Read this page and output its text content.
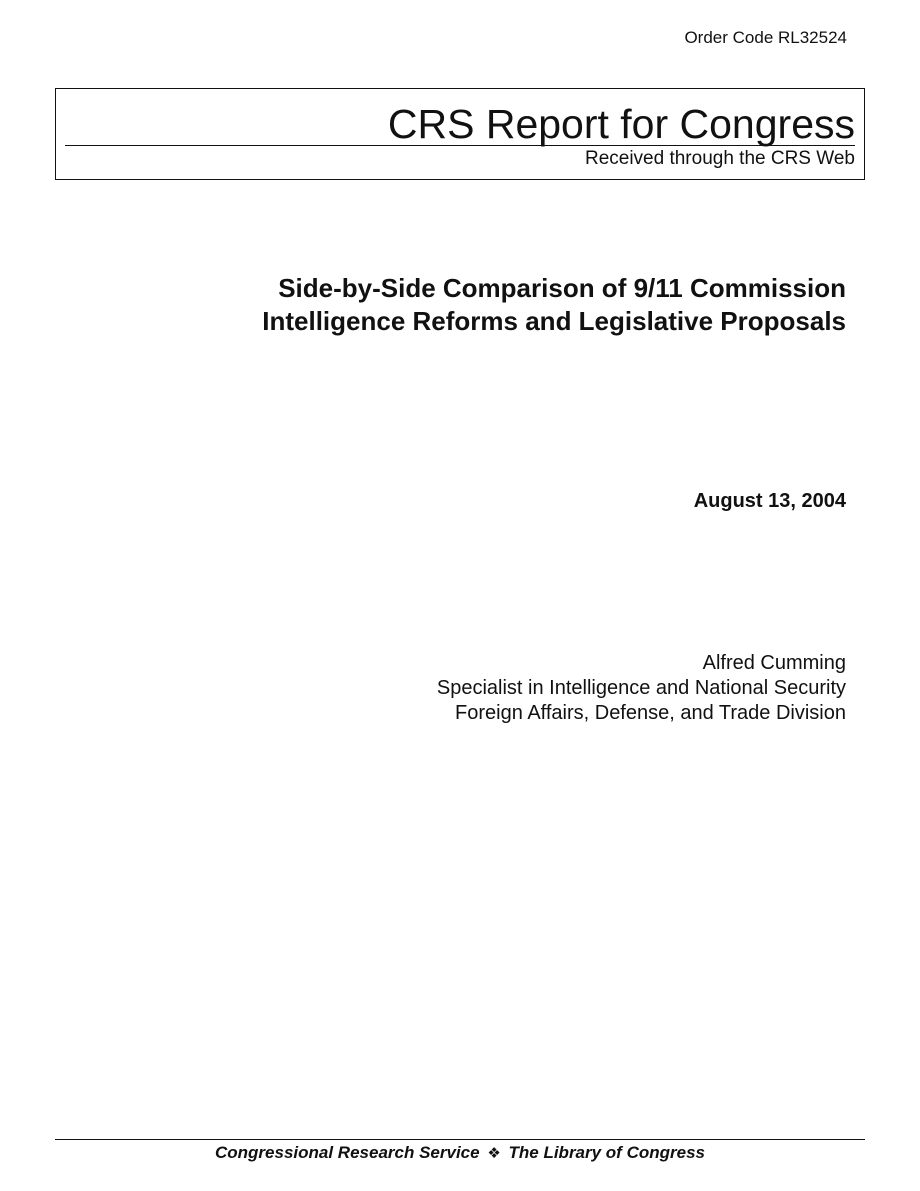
Order Code RL32524
CRS Report for Congress
Received through the CRS Web
Side-by-Side Comparison of 9/11 Commission
Intelligence Reforms and Legislative Proposals
August 13, 2004
Alfred Cumming
Specialist in Intelligence and National Security
Foreign Affairs, Defense, and Trade Division
Congressional Research Service ❖ The Library of Congress
